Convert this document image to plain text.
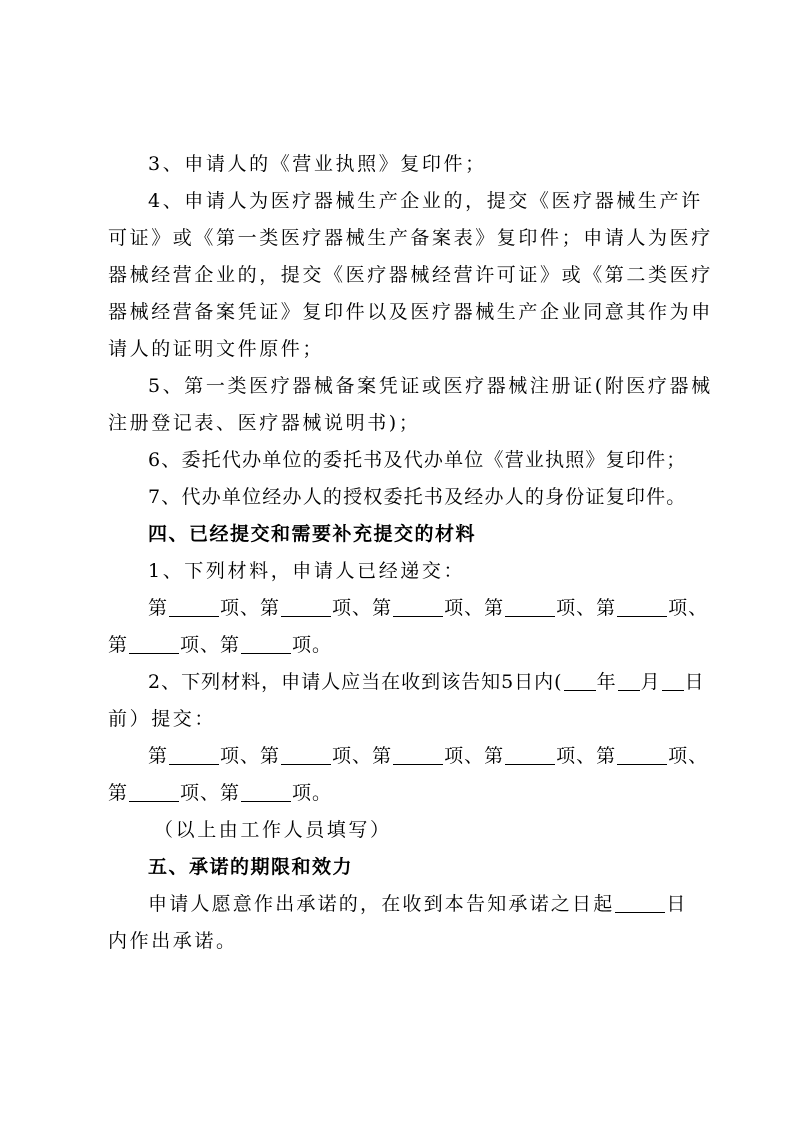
3、申请人的《营业执照》复印件；
4、申请人为医疗器械生产企业的，提交《医疗器械生产许
可证》或《第一类医疗器械生产备案表》复印件；申请人为医疗
器械经营企业的，提交《医疗器械经营许可证》或《第二类医疗
器械经营备案凭证》复印件以及医疗器械生产企业同意其作为申
请人的证明文件原件；
5、第一类医疗器械备案凭证或医疗器械注册证(附医疗器械
注册登记表、医疗器械说明书)；
6、委托代办单位的委托书及代办单位《营业执照》复印件；
7、代办单位经办人的授权委托书及经办人的身份证复印件。
四、已经提交和需要补充提交的材料
1、下列材料，申请人已经递交：
第	项、第	项、第	项、第	项、第	项、
第	项、第	项。
2、下列材料，申请人应当在收到该告知5日内( 年 月 日
前）提交：
第	项、第	项、第	项、第	项、第	项、
第	项、第	项。
（以上由工作人员填写）
五、承诺的期限和效力
申请人愿意作出承诺的，在收到本告知承诺之日起	日
内作出承诺。
